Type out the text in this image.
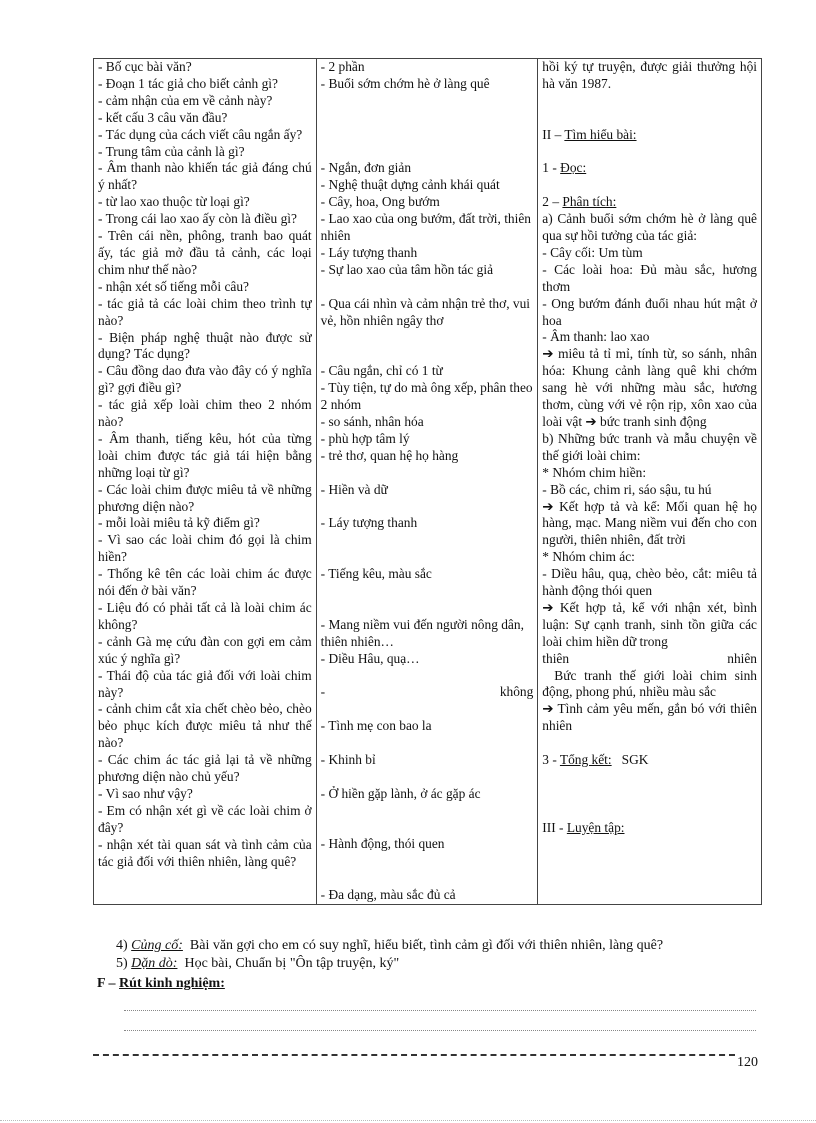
- Bố cục bài văn?
- Đoạn 1 tác giả cho biết cảnh gì?
- cảm nhận của em về cảnh này?
- kết cấu 3 câu văn đầu?
- Tác dụng của cách viết câu ngắn ấy?
- Trung tâm của cảnh là gì?
- Âm thanh nào khiến tác giả đáng chú ý nhất?
- từ lao xao thuộc từ loại gì?
- Trong cái lao xao ấy còn là điều gì?
- Trên cái nền, phông, tranh bao quát ấy, tác giả mở đầu tả cảnh, các loại chim như thế nào?
- nhận xét số tiếng mỗi câu?
- tác giả tả các loài chim theo trình tự nào?
- Biện pháp nghệ thuật nào được sử dụng? Tác dụng?
- Câu đồng dao đưa vào đây có ý nghĩa gì? gợi điều gì?
- tác giả xếp loài chim theo 2 nhóm nào?
- Âm thanh, tiếng kêu, hót của từng loài chim được tác giả tái hiện bằng những loại từ gì?
- Các loài chim được miêu tả về những phương diện nào?
- mỗi loài miêu tả kỹ điểm gì?
- Vì sao các loài chim đó gọi là chim hiền?
- Thống kê tên các loài chim ác được nói đến ở bài văn?
- Liệu đó có phải tất cả là loài chim ác không?
- cảnh Gà mẹ cứu đàn con gợi em cảm xúc ý nghĩa gì?
- Thái độ của tác giả đối với loài chim này?
- cảnh chim cắt xỉa chết chèo bẻo, chèo bẻo phục kích được miêu tả như thế nào?
- Các chim ác tác giả lại tả về những phương diện nào chủ yếu?
- Vì sao như vậy?
- Em có nhận xét gì về các loài chim ở đây?
- nhận xét tài quan sát và tình cảm của tác giả đối với thiên nhiên, làng quê?

- 2 phần
- Buổi sớm chớm hè ở làng quê
- Ngắn, đơn giản
- Nghệ thuật dựng cảnh khái quát
- Cây, hoa, Ong bướm
- Lao xao của ong bướm, đất trời, thiên nhiên
- Láy tượng thanh
- Sự lao xao của tâm hồn tác giả
- Qua cái nhìn và cảm nhận trẻ thơ, vui vẻ, hồn nhiên ngây thơ
- Câu ngắn, chỉ có 1 từ
- Tùy tiện, tự do mà ông xếp, phân theo 2 nhóm
- so sánh, nhân hóa
- phù hợp tâm lý
- trẻ thơ, quan hệ họ hàng
- Hiền và dữ
- Láy tượng thanh
- Tiếng kêu, màu sắc
- Mang niềm vui đến người nông dân, thiên nhiên…
- Diều Hâu, quạ…
-	không
- Tình mẹ con bao la
- Khinh bỉ
- Ở hiền gặp lành, ở ác gặp ác
- Hành động, thói quen
- Đa dạng, màu sắc đủ cả

hồi ký tự truyện, được giải thưởng hội hà văn 1987.
II – Tìm hiểu bài:
1 - Đọc:
2 – Phân tích:
a) Cảnh buổi sớm chớm hè ở làng quê qua sự hồi tưởng của tác giả:
- Cây cối: Um tùm
- Các loài hoa: Đủ màu sắc, hương thơm
- Ong bướm đánh đuổi nhau hút mật ở hoa
- Âm thanh: lao xao
➔ miêu tả tỉ mỉ, tính từ, so sánh, nhân hóa: Khung cảnh làng quê khi chớm sang hè với những màu sắc, hương thơm, cùng với vẻ rộn rịp, xôn xao của loài vật ➔ bức tranh sinh động
b) Những bức tranh và mẫu chuyện về thế giới loài chim:
* Nhóm chim hiền:
- Bồ các, chim ri, sáo sậu, tu hú
➔ Kết hợp tả và kể: Mối quan hệ họ hàng, mạc. Mang niềm vui đến cho con người, thiên nhiên, đất trời
* Nhóm chim ác:
- Diều hâu, quạ, chèo bẻo, cắt: miêu tả hành động thói quen
➔ Kết hợp tả, kể với nhận xét, bình luận: Sự cạnh tranh, sinh tồn giữa các loài chim hiền dữ trong
thiên	nhiên
Bức tranh thế giới loài chim sinh động, phong phú, nhiều màu sắc
➔ Tình cảm yêu mến, gắn bó với thiên nhiên
3 - Tổng kết: SGK
III - Luyện tập:
4) Củng cố: Bài văn gợi cho em có suy nghĩ, hiểu biết, tình cảm gì đối với thiên nhiên, làng quê?
5) Dặn dò: Học bài, Chuẩn bị "Ôn tập truyện, ký"
F – Rút kinh nghiệm:
120
